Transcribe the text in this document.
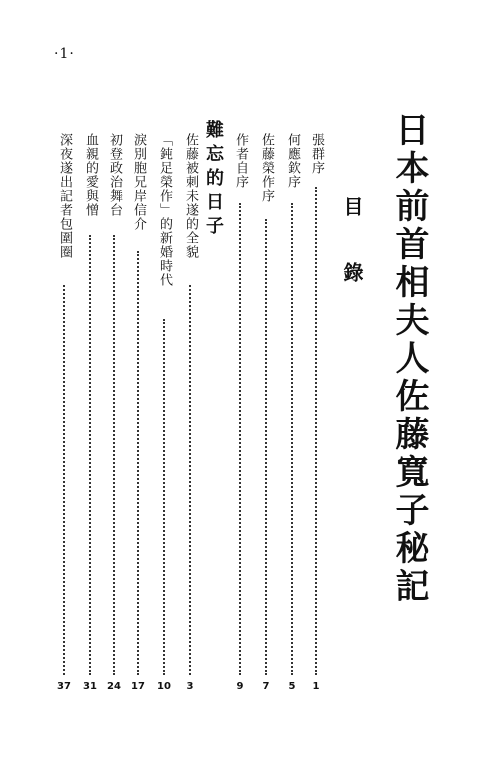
·1·
日本前首相夫人佐藤寬子秘記
目錄
難忘的日子	張群序
1
何應欽序
5
佐藤榮作序
7
作者自序
9
佐藤被刺未遂的全貌
3
「鈍足榮作」的新婚時代
10
淚別胞兄岸信介
17
初登政治舞台
24
血親的愛與憎
31
深夜遂出記者包圍圈
37
